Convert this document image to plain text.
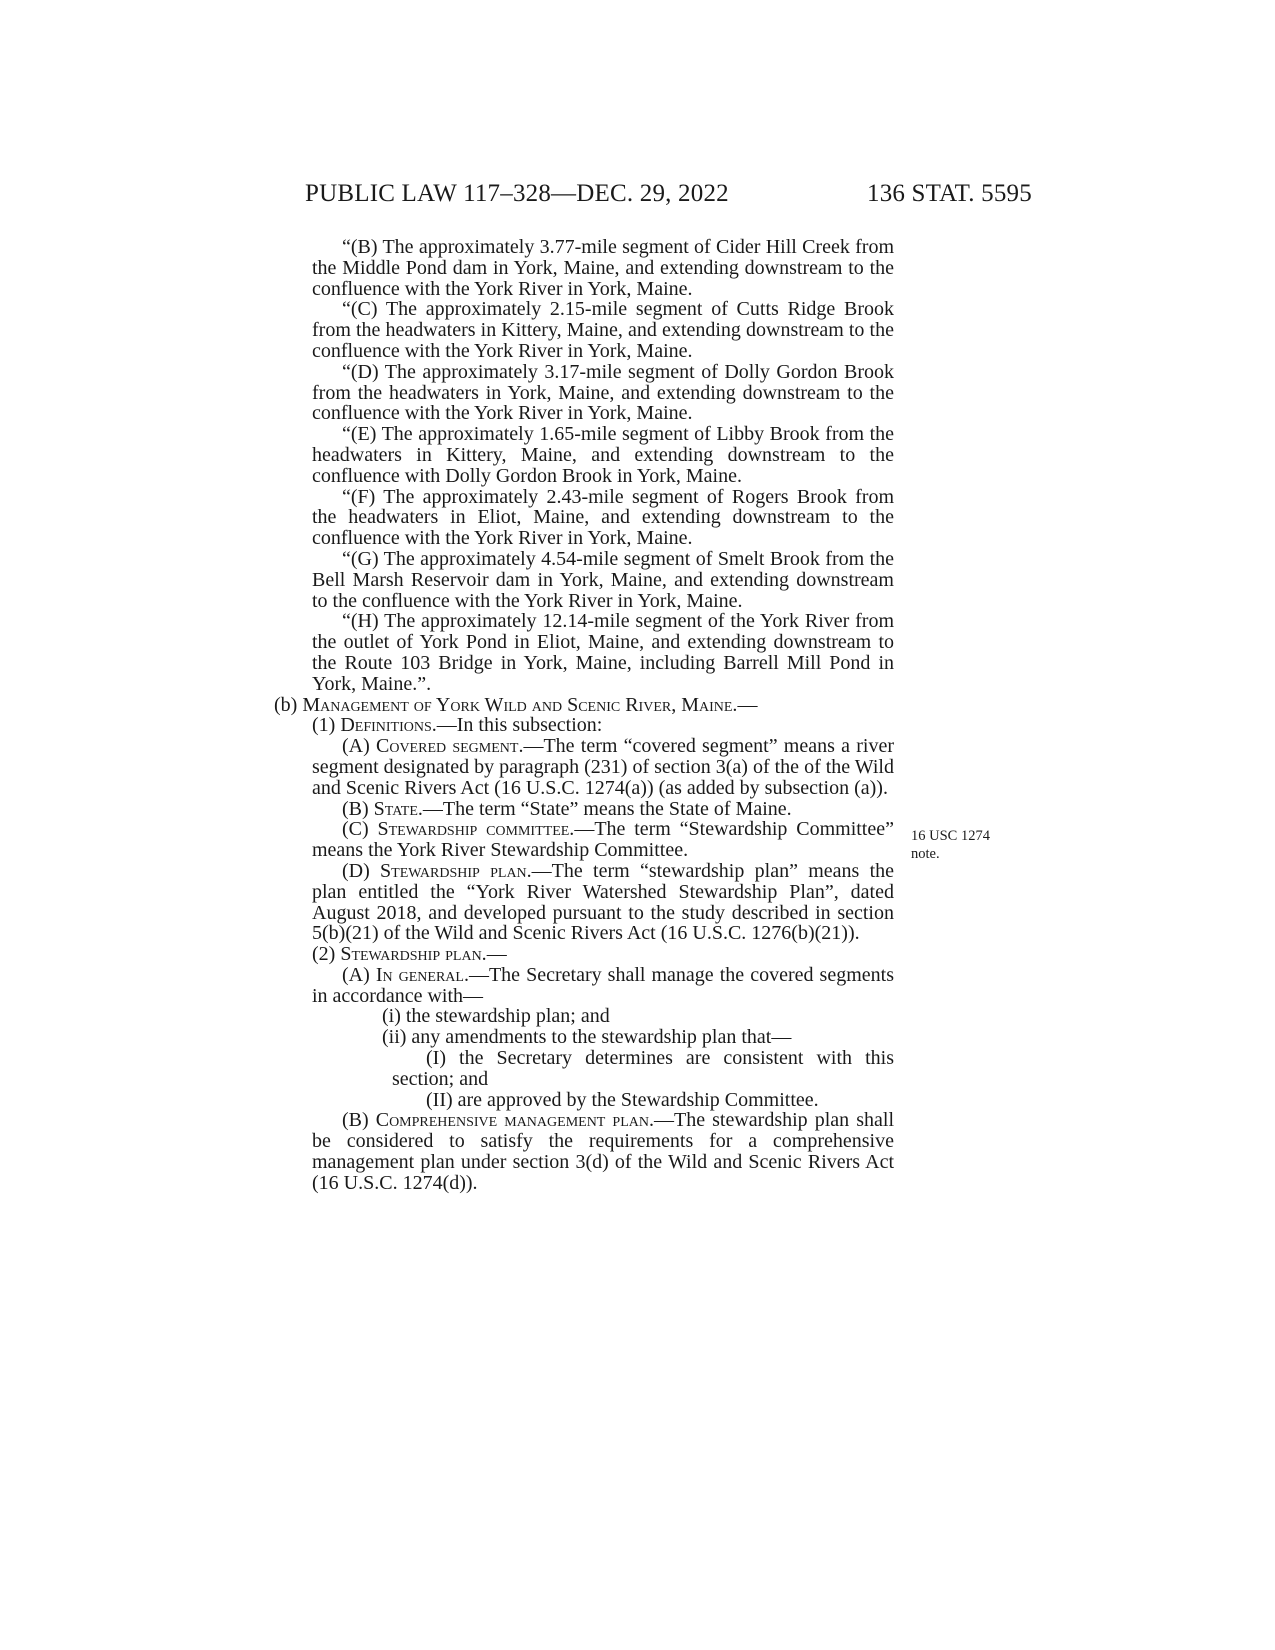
PUBLIC LAW 117–328—DEC. 29, 2022	136 STAT. 5595

“(B) The approximately 3.77-mile segment of Cider Hill Creek from the Middle Pond dam in York, Maine, and extending downstream to the confluence with the York River in York, Maine.

“(C) The approximately 2.15-mile segment of Cutts Ridge Brook from the headwaters in Kittery, Maine, and extending downstream to the confluence with the York River in York, Maine.

“(D) The approximately 3.17-mile segment of Dolly Gordon Brook from the headwaters in York, Maine, and extending downstream to the confluence with the York River in York, Maine.

“(E) The approximately 1.65-mile segment of Libby Brook from the headwaters in Kittery, Maine, and extending downstream to the confluence with Dolly Gordon Brook in York, Maine.

“(F) The approximately 2.43-mile segment of Rogers Brook from the headwaters in Eliot, Maine, and extending downstream to the confluence with the York River in York, Maine.

“(G) The approximately 4.54-mile segment of Smelt Brook from the Bell Marsh Reservoir dam in York, Maine, and extending downstream to the confluence with the York River in York, Maine.

“(H) The approximately 12.14-mile segment of the York River from the outlet of York Pond in Eliot, Maine, and extending downstream to the Route 103 Bridge in York, Maine, including Barrell Mill Pond in York, Maine.”.

(b) Management of York Wild and Scenic River, Maine.—

(1) Definitions.—In this subsection:

(A) Covered segment.—The term “covered segment” means a river segment designated by paragraph (231) of section 3(a) of the of the Wild and Scenic Rivers Act (16 U.S.C. 1274(a)) (as added by subsection (a)).

(B) State.—The term “State” means the State of Maine.

(C) Stewardship committee.—The term “Stewardship Committee” means the York River Stewardship Committee.

(D) Stewardship plan.—The term “stewardship plan” means the plan entitled the “York River Watershed Stewardship Plan”, dated August 2018, and developed pursuant to the study described in section 5(b)(21) of the Wild and Scenic Rivers Act (16 U.S.C. 1276(b)(21)).

(2) Stewardship plan.—

(A) In general.—The Secretary shall manage the covered segments in accordance with—

(i) the stewardship plan; and

(ii) any amendments to the stewardship plan that—

(I) the Secretary determines are consistent with this section; and

(II) are approved by the Stewardship Committee.

(B) Comprehensive management plan.—The stewardship plan shall be considered to satisfy the requirements for a comprehensive management plan under section 3(d) of the Wild and Scenic Rivers Act (16 U.S.C. 1274(d)).

16 USC 1274
note.
